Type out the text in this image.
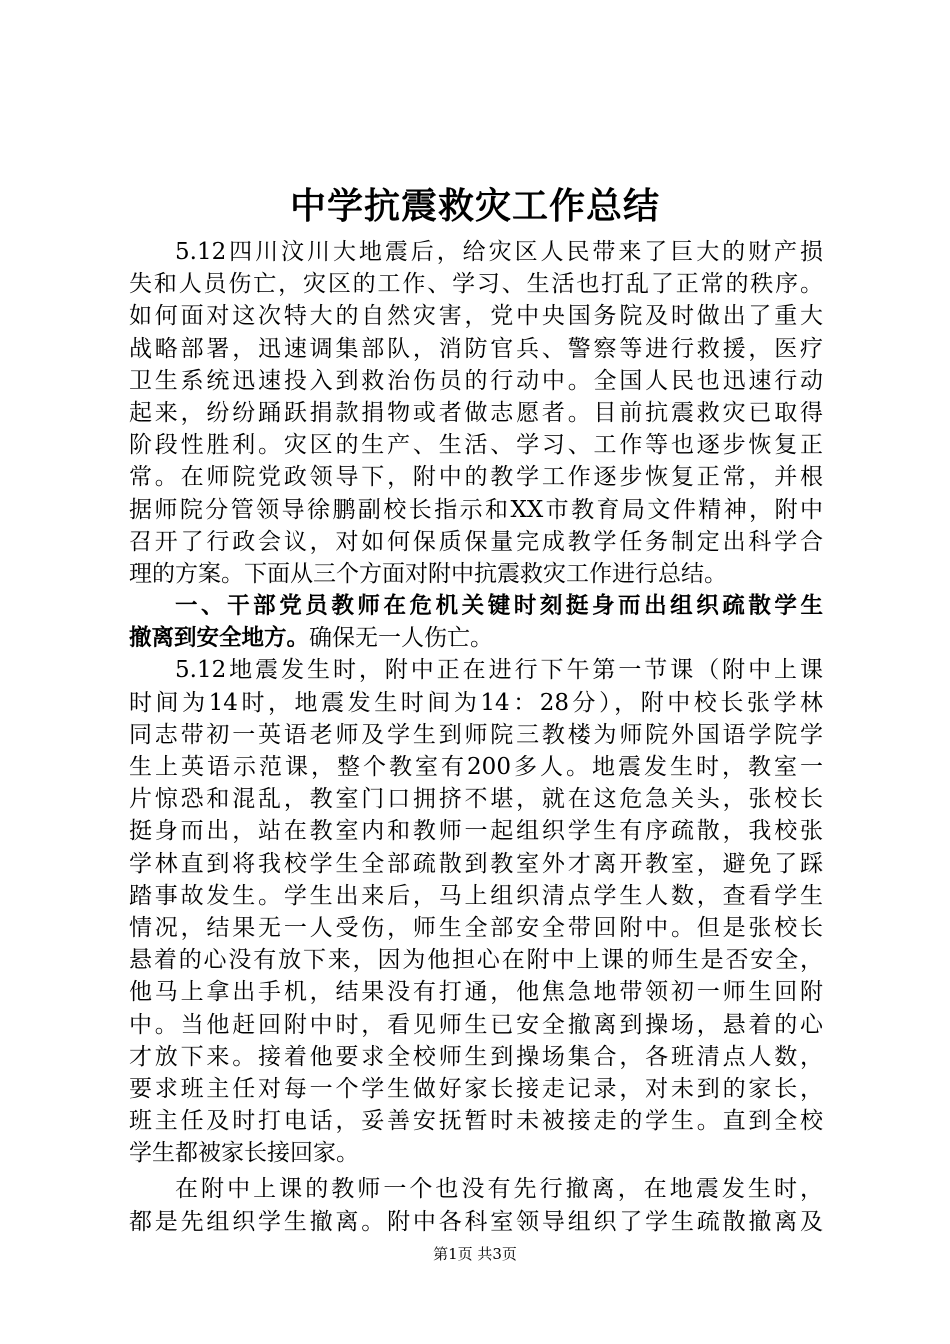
中学抗震救灾工作总结
5.12四川汶川大地震后，给灾区人民带来了巨大的财产损
失和人员伤亡，灾区的工作、学习、生活也打乱了正常的秩序。
如何面对这次特大的自然灾害，党中央国务院及时做出了重大
战略部署，迅速调集部队，消防官兵、警察等进行救援，医疗
卫生系统迅速投入到救治伤员的行动中。全国人民也迅速行动
起来，纷纷踊跃捐款捐物或者做志愿者。目前抗震救灾已取得
阶段性胜利。灾区的生产、生活、学习、工作等也逐步恢复正
常。在师院党政领导下，附中的教学工作逐步恢复正常，并根
据师院分管领导徐鹏副校长指示和XX市教育局文件精神，附中
召开了行政会议，对如何保质保量完成教学任务制定出科学合
理的方案。下面从三个方面对附中抗震救灾工作进行总结。
一、干部党员教师在危机关键时刻挺身而出组织疏散学生
撤离到安全地方。确保无一人伤亡。
5.12地震发生时，附中正在进行下午第一节课（附中上课
时间为14时，地震发生时间为14：28分），附中校长张学林
同志带初一英语老师及学生到师院三教楼为师院外国语学院学
生上英语示范课，整个教室有200多人。地震发生时，教室一
片惊恐和混乱，教室门口拥挤不堪，就在这危急关头，张校长
挺身而出，站在教室内和教师一起组织学生有序疏散，我校张
学林直到将我校学生全部疏散到教室外才离开教室，避免了踩
踏事故发生。学生出来后，马上组织清点学生人数，查看学生
情况，结果无一人受伤，师生全部安全带回附中。但是张校长
悬着的心没有放下来，因为他担心在附中上课的师生是否安全，
他马上拿出手机，结果没有打通，他焦急地带领初一师生回附
中。当他赶回附中时，看见师生已安全撤离到操场，悬着的心
才放下来。接着他要求全校师生到操场集合，各班清点人数，
要求班主任对每一个学生做好家长接走记录，对未到的家长，
班主任及时打电话，妥善安抚暂时未被接走的学生。直到全校
学生都被家长接回家。
在附中上课的教师一个也没有先行撤离，在地震发生时，
都是先组织学生撤离。附中各科室领导组织了学生疏散撤离及
第1页 共3页
